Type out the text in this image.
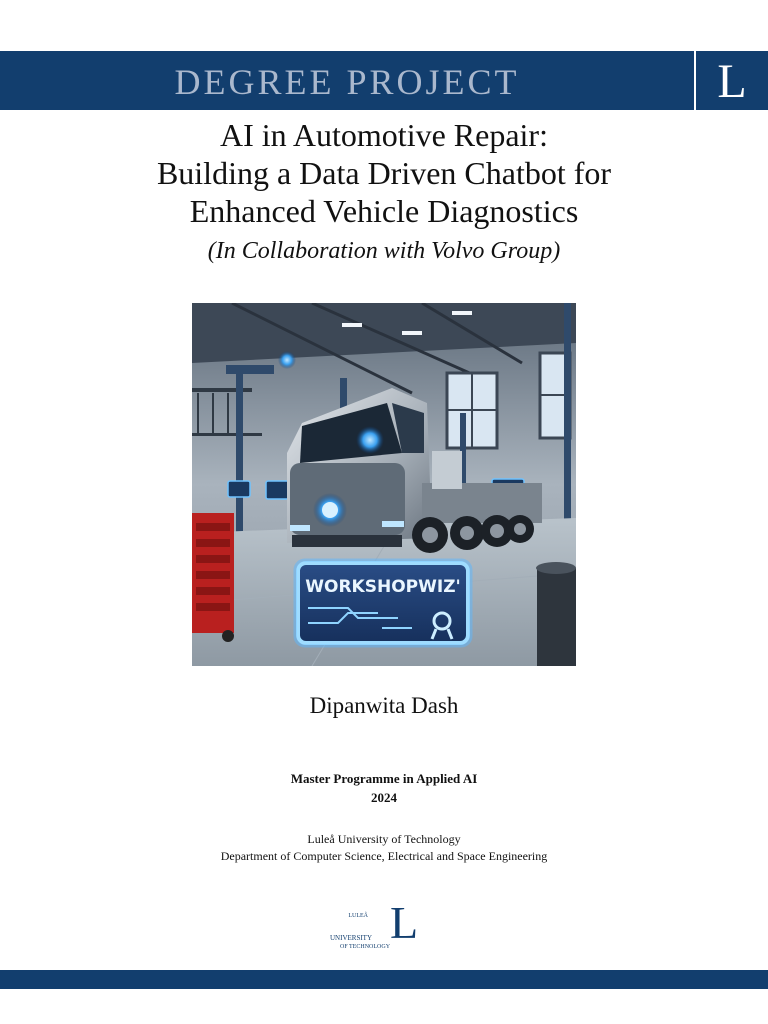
DEGREE PROJECT	L
AI in Automotive Repair:
Building a Data Driven Chatbot for
Enhanced Vehicle Diagnostics

(In Collaboration with Volvo Group)

WORKSHOPWIZ'
Dipanwita Dash
Master Programme in Applied AI
2024
Luleå University of Technology
Department of Computer Science, Electrical and Space Engineering
L
LULEÅ
UNIVERSITY
OF TECHNOLOGY
